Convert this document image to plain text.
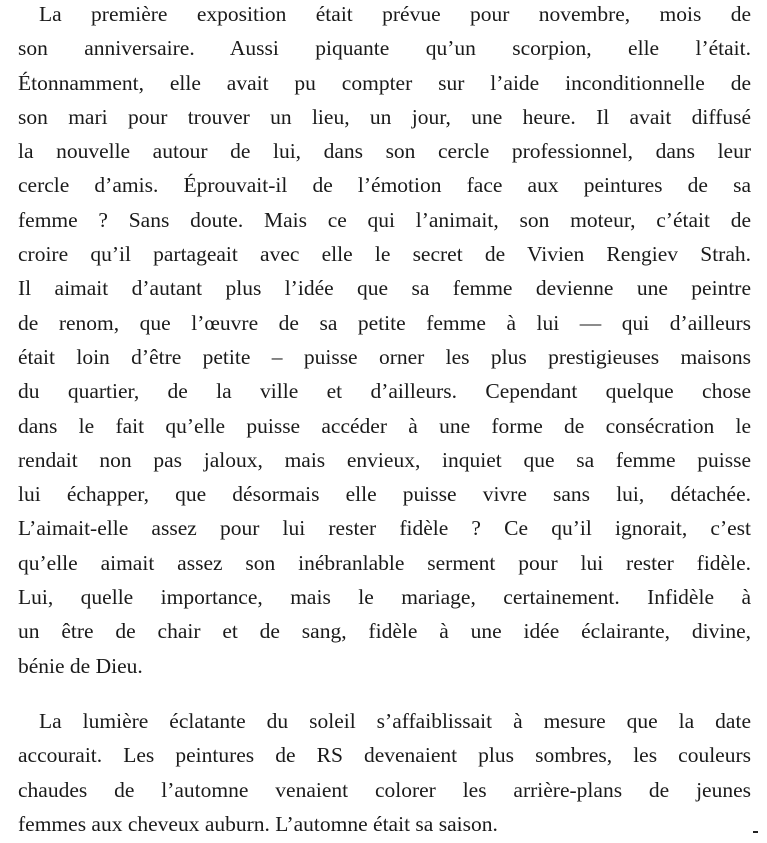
La première exposition était prévue pour novembre, mois de
son anniversaire. Aussi piquante qu’un scorpion, elle l’était.
Étonnamment, elle avait pu compter sur l’aide inconditionnelle de
son mari pour trouver un lieu, un jour, une heure. Il avait diffusé
la nouvelle autour de lui, dans son cercle professionnel, dans leur
cercle d’amis. Éprouvait-il de l’émotion face aux peintures de sa
femme ? Sans doute. Mais ce qui l’animait, son moteur, c’était de
croire qu’il partageait avec elle le secret de Vivien Rengiev Strah.
Il aimait d’autant plus l’idée que sa femme devienne une peintre
de renom, que l’œuvre de sa petite femme à lui — qui d’ailleurs
était loin d’être petite – puisse orner les plus prestigieuses maisons
du quartier, de la ville et d’ailleurs. Cependant quelque chose
dans le fait qu’elle puisse accéder à une forme de consécration le
rendait non pas jaloux, mais envieux, inquiet que sa femme puisse
lui échapper, que désormais elle puisse vivre sans lui, détachée.
L’aimait-elle assez pour lui rester fidèle ? Ce qu’il ignorait, c’est
qu’elle aimait assez son inébranlable serment pour lui rester fidèle.
Lui, quelle importance, mais le mariage, certainement. Infidèle à
un être de chair et de sang, fidèle à une idée éclairante, divine,
bénie de Dieu.
La lumière éclatante du soleil s’affaiblissait à mesure que la date
accourait. Les peintures de RS devenaient plus sombres, les couleurs
chaudes de l’automne venaient colorer les arrière-plans de jeunes
femmes aux cheveux auburn. L’automne était sa saison.
